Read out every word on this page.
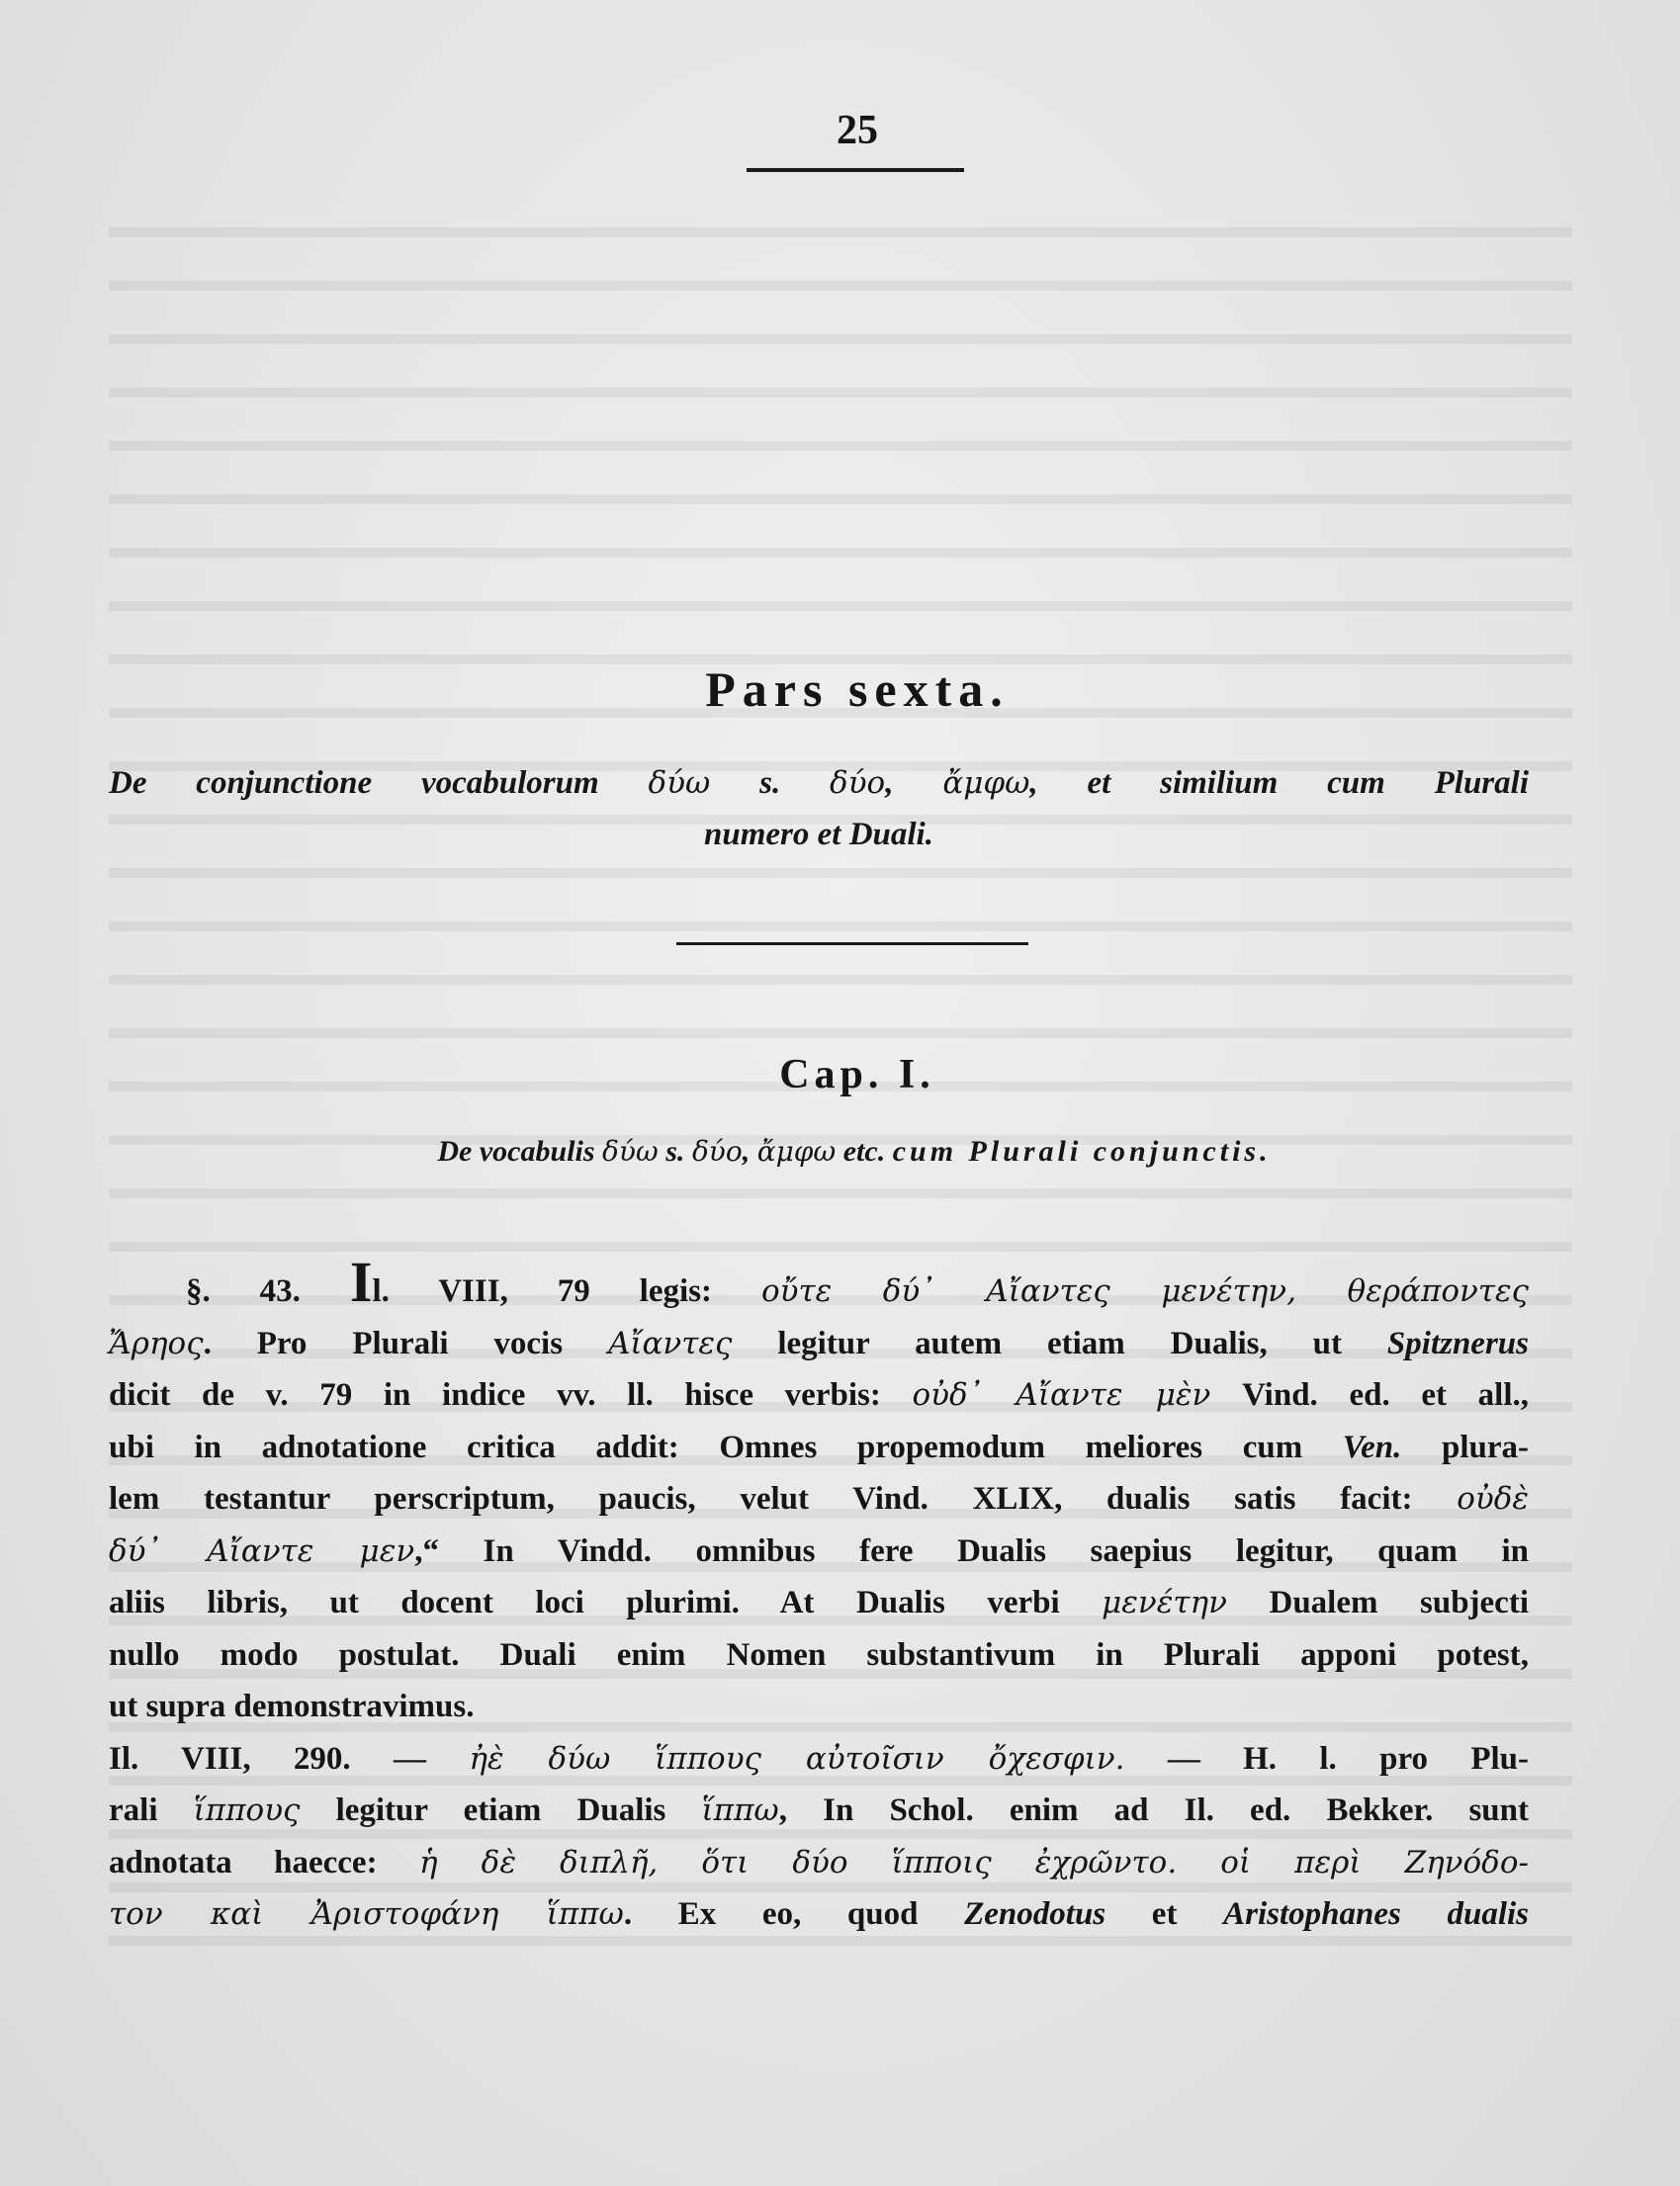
25
Pars sexta.
De conjunctione vocabulorum δύω s. δύο, ἄμφω, et similium cum Plurali
numero et Duali.
Cap. I.
De vocabulis δύω s. δύο, ἄμφω etc. cum Plurali conjunctis.
§. 43. Il. VIII, 79 legis: οὔτε δύ᾽ Αἴαντες μενέτην, θεράποντες
Ἄρηος. Pro Plurali vocis Αἴαντες legitur autem etiam Dualis, ut Spitznerus
dicit de v. 79 in indice vv. ll. hisce verbis: οὐδ᾽ Αἴαντε μὲν Vind. ed. et all.,
ubi in adnotatione critica addit: Omnes propemodum meliores cum Ven. plura-
lem testantur perscriptum, paucis, velut Vind. XLIX, dualis satis facit: οὐδὲ
δύ᾽ Αἴαντε μεν,“ In Vindd. omnibus fere Dualis saepius legitur, quam in
aliis libris, ut docent loci plurimi. At Dualis verbi μενέτην Dualem subjecti
nullo modo postulat. Duali enim Nomen substantivum in Plurali apponi potest,
ut supra demonstravimus.
Il. VIII, 290. — ἠὲ δύω ἵππους αὐτοῖσιν ὄχεσφιν. — H. l. pro Plu-
rali ἵππους legitur etiam Dualis ἵππω, In Schol. enim ad Il. ed. Bekker. sunt
adnotata haecce: ἡ δὲ διπλῆ, ὅτι δύο ἵπποις ἐχρῶντο. οἱ περὶ Ζηνόδο-
τον καὶ Ἀριστοφάνη ἵππω. Ex eo, quod Zenodotus et Aristophanes dualis
